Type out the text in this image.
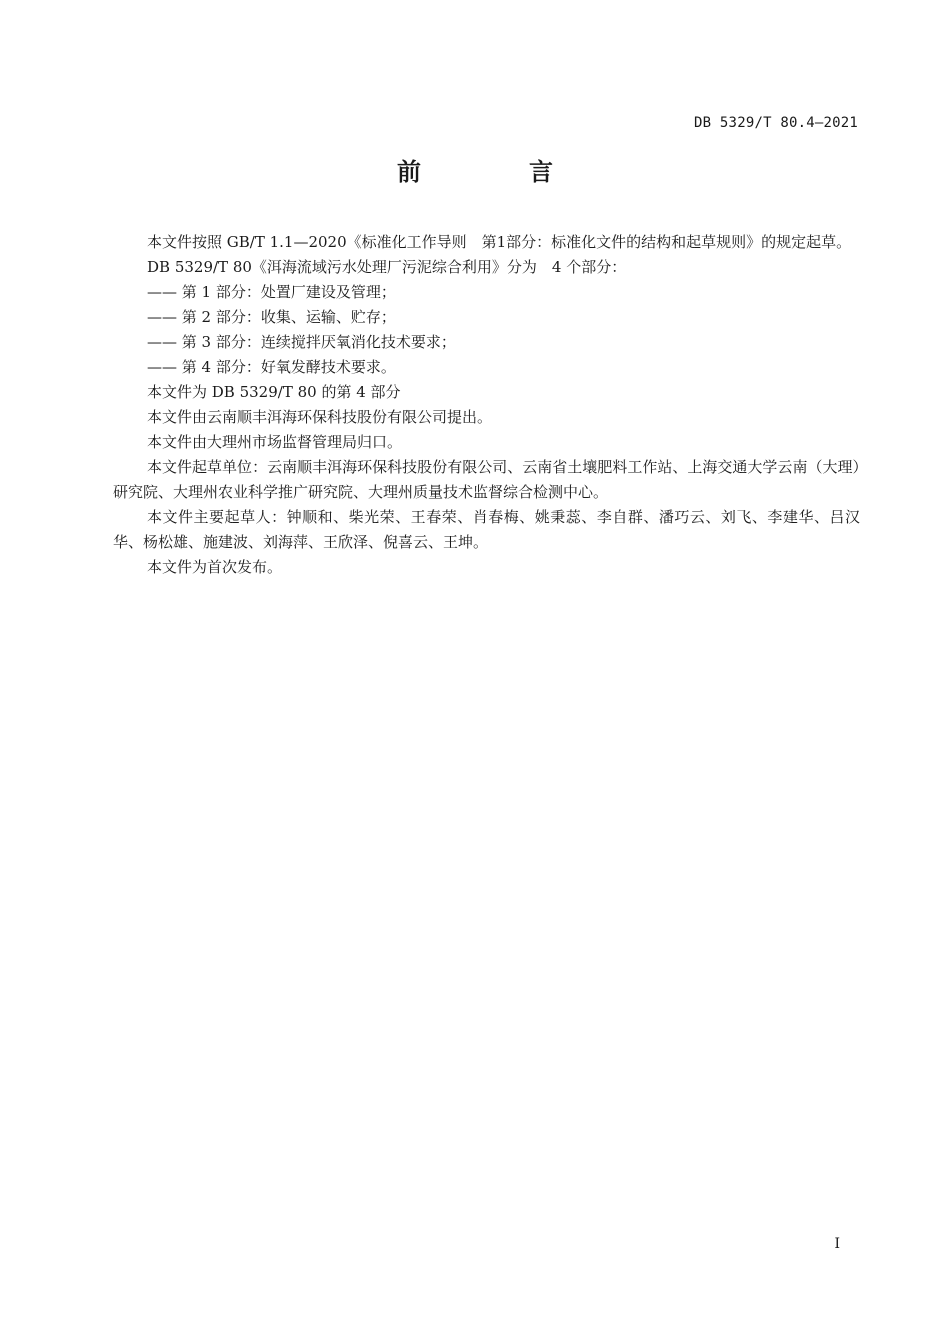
DB 5329/T 80.4—2021
前　言

本文件按照 GB/T 1.1—2020《标准化工作导则　第1部分：标准化文件的结构和起草规则》的规定起草。

DB 5329/T 80《洱海流域污水处理厂污泥综合利用》分为　4 个部分：

—— 第 1 部分：处置厂建设及管理；

—— 第 2 部分：收集、运输、贮存；

—— 第 3 部分：连续搅拌厌氧消化技术要求；

—— 第 4 部分：好氧发酵技术要求。

本文件为 DB 5329/T 80 的第 4 部分

本文件由云南顺丰洱海环保科技股份有限公司提出。

本文件由大理州市场监督管理局归口。

本文件起草单位：云南顺丰洱海环保科技股份有限公司、云南省土壤肥料工作站、上海交通大学云南（大理）研究院、大理州农业科学推广研究院、大理州质量技术监督综合检测中心。

本文件主要起草人：钟顺和、柴光荣、王春荣、肖春梅、姚秉蕊、李自群、潘巧云、刘飞、李建华、吕汉华、杨松雄、施建波、刘海萍、王欣泽、倪喜云、王坤。

本文件为首次发布。

I
